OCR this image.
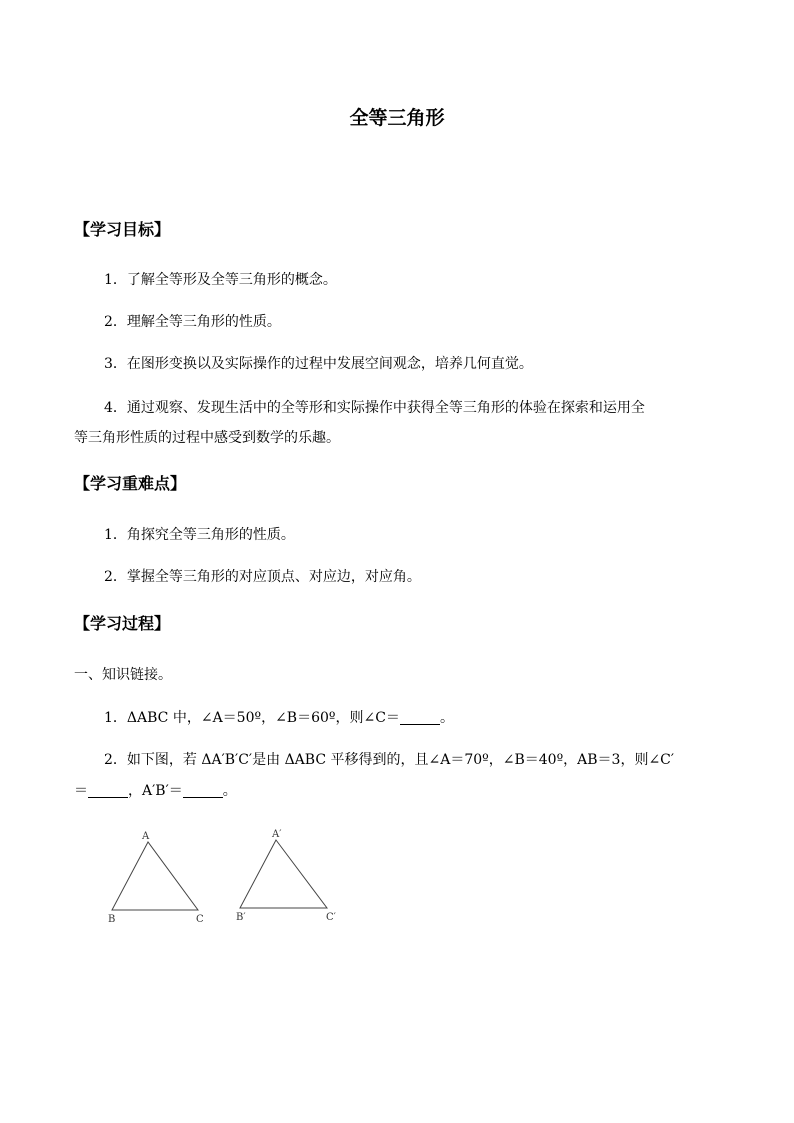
全等三角形
【学习目标】
1．了解全等形及全等三角形的概念。
2．理解全等三角形的性质。
3．在图形变换以及实际操作的过程中发展空间观念，培养几何直觉。
4．通过观察、发现生活中的全等形和实际操作中获得全等三角形的体验在探索和运用全
等三角形性质的过程中感受到数学的乐趣。
【学习重难点】
1．角探究全等三角形的性质。
2．掌握全等三角形的对应顶点、对应边，对应角。
【学习过程】
一、知识链接。
1．ΔABC 中，∠A＝50º，∠B＝60º，则∠C＝	。
2．如下图，若 ΔA′B′C′是由 ΔABC 平移得到的，且∠A＝70º，∠B＝40º，AB＝3，则∠C′
＝	，A′B′＝	。
A
B	C
A′
B′	C′
